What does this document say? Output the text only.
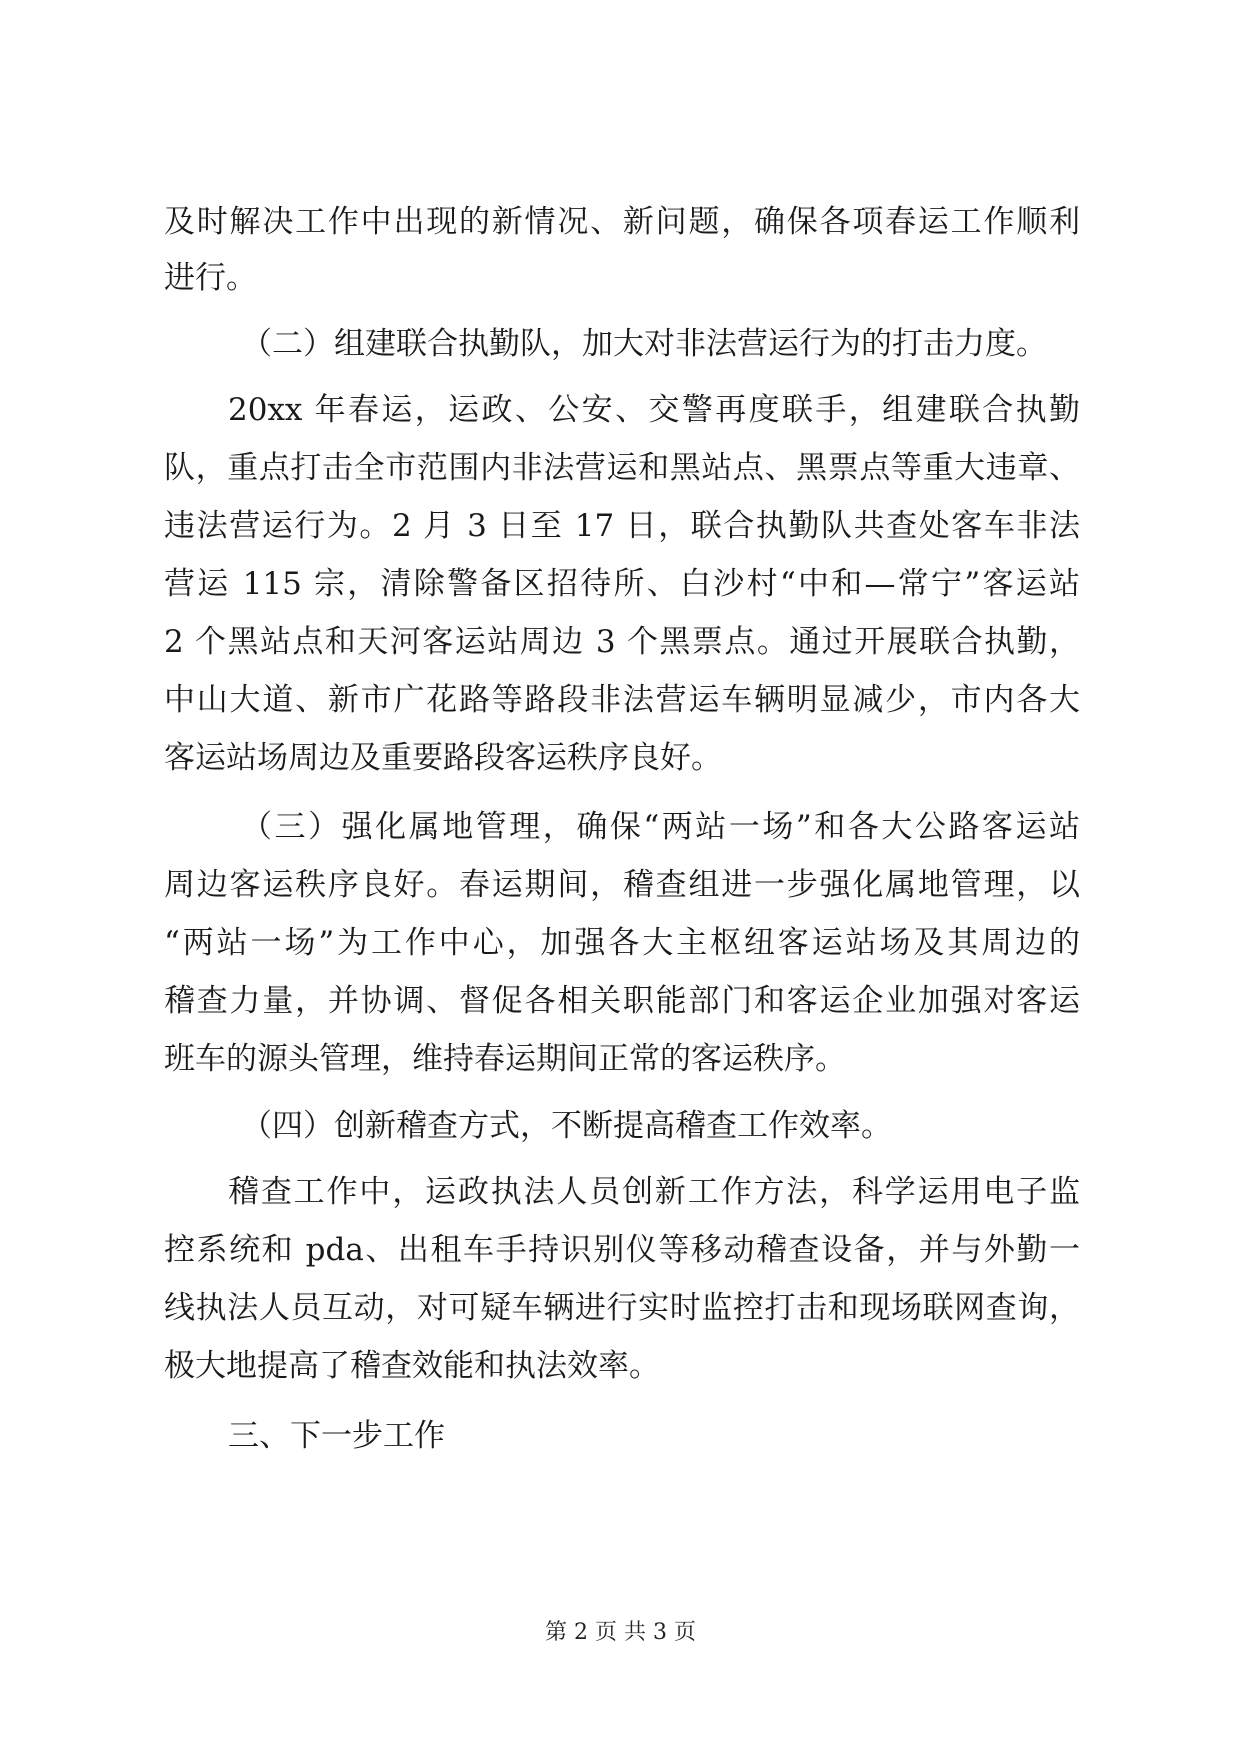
及时解决工作中出现的新情况、新问题，确保各项春运工作顺利
进行。
（二）组建联合执勤队，加大对非法营运行为的打击力度。
20xx 年春运，运政、公安、交警再度联手，组建联合执勤
队，重点打击全市范围内非法营运和黑站点、黑票点等重大违章、
违法营运行为。2 月 3 日至 17 日，联合执勤队共查处客车非法
营运 115 宗，清除警备区招待所、白沙村“中和—常宁”客运站
2 个黑站点和天河客运站周边 3 个黑票点。通过开展联合执勤，
中山大道、新市广花路等路段非法营运车辆明显减少，市内各大
客运站场周边及重要路段客运秩序良好。
（三）强化属地管理，确保“两站一场”和各大公路客运站
周边客运秩序良好。春运期间，稽查组进一步强化属地管理，以
“两站一场”为工作中心，加强各大主枢纽客运站场及其周边的
稽查力量，并协调、督促各相关职能部门和客运企业加强对客运
班车的源头管理，维持春运期间正常的客运秩序。
（四）创新稽查方式，不断提高稽查工作效率。
稽查工作中，运政执法人员创新工作方法，科学运用电子监
控系统和 pda、出租车手持识别仪等移动稽查设备，并与外勤一
线执法人员互动，对可疑车辆进行实时监控打击和现场联网查询，
极大地提高了稽查效能和执法效率。
三、下一步工作
第 2 页 共 3 页
